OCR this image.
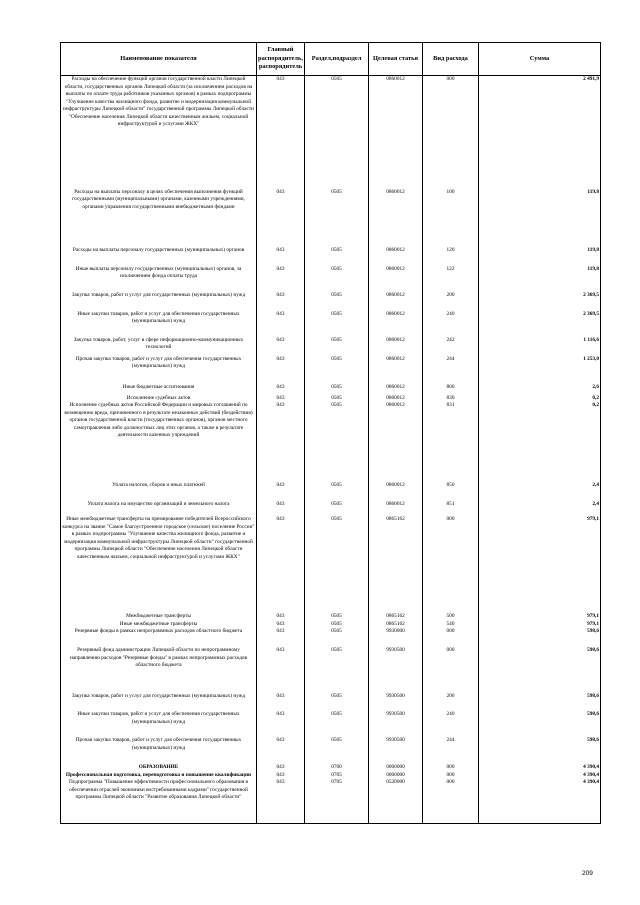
Наименование показателя	Главный распорядитель, распорядитель	Раздел,подраздел	Целевая статья	Вид расхода	Сумма
Расходы на обеспечение функций органов государственной власти Липецкой области, государственных органов Липецкой области (за исключением расходов на выплаты по оплате труда работников указанных органов) в рамках подпрограммы "Улучшение качества жилищного фонда, развитие и модернизация коммунальной инфраструктуры Липецкой области" государственной программы Липецкой области "Обеспечение населения Липецкой области качественным жильем, социальной инфраструктурой и услугами ЖКХ"	043	0505	0860012	000	2 491,9
Расходы на выплаты персоналу в целях обеспечения выполнения функций государственными (муниципальными) органами, казенными учреждениями, органами управления государственными внебюджетными фондами	043	0505	0860012	100	119,8
Расходы на выплаты персоналу государственных (муниципальных) органов	043	0505	0860012	120	119,8
Иные выплаты персоналу государственных (муниципальных) органов, за исключением фонда оплаты труда	043	0505	0860012	122	119,8
Закупка товаров, работ и услуг для государственных (муниципальных) нужд	043	0505	0860012	200	2 369,5
Иные закупки товаров, работ и услуг для обеспечения государственных (муниципальных) нужд	043	0505	0860012	240	2 369,5
Закупка товаров, работ, услуг в сфере информационно-коммуникационных технологий	043	0505	0860012	242	1 116,6
Прочая закупка товаров, работ и услуг для обеспечения государственных (муниципальных) нужд	043	0505	0860012	244	1 253,0
Иные бюджетные ассигнования	043	0505	0860012	800	2,6
Исполнение судебных актов	043	0505	0860012	830	0,2
Исполнение судебных актов Российской Федерации и мировых соглашений по возмещению вреда, причиненного в результате незаконных действий (бездействия) органов государственной власти (государственных органов), органов местного самоуправления либо должностных лиц этих органов, а также в результате деятельности казенных учреждений	043	0505	0860012	831	0,2
Уплата налогов, сборов и иных платежей	043	0505	0860012	850	2,4
Уплата налога на имущество организаций и земельного налога	043	0505	0860012	851	2,4
Иные межбюджетные трансферты на премирование победителей Всероссийского конкурса на звание "Самое благоустроенное городское (сельское) поселение России" в рамках подпрограммы "Улучшение качества жилищного фонда, развитие и модернизация коммунальной инфраструктуры Липецкой области" государственной программы Липецкой области "Обеспечение населения Липецкой области качественным жильем, социальной инфраструктурой и услугами ЖКХ"	043	0505	0865162	000	979,1
Межбюджетные трансферты	043	0505	0865162	500	979,1
Иные межбюджетные трансферты	043	0505	0865162	540	979,1
Резервные фонды в рамках непрограммных расходов областного бюджета	043	0505	9930000	000	598,6
Резервный фонд администрации Липецкой области по непрограммному направлению расходов "Резервные фонды" в рамках непрограммных расходов областного бюджета	043	0505	9930500	000	598,6
Закупка товаров, работ и услуг для государственных (муниципальных) нужд	043	0505	9930500	200	598,6
Иные закупки товаров, работ и услуг для обеспечения государственных (муниципальных) нужд	043	0505	9930500	240	598,6
Прочая закупка товаров, работ и услуг для обеспечения государственных (муниципальных) нужд	043	0505	9930500	244	598,6
ОБРАЗОВАНИЕ	043	0700	0000000	000	4 390,4
Профессиональная подготовка, переподготовка и повышение квалификации	043	0705	0000000	000	4 390,4
Подпрограмма "Повышение эффективности профессионального образования в обеспечении отраслей экономики востребованными кадрами" государственной программы Липецкой области "Развитие образования Липецкой области"	043	0705	0520000	000	4 390,4
209
